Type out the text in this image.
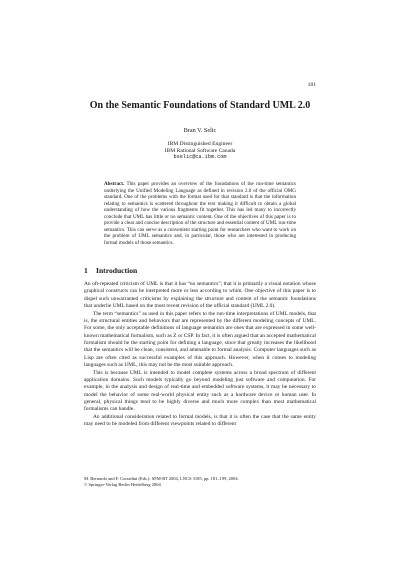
181
On the Semantic Foundations of Standard UML 2.0
Bran V. Selic
IBM Distinguished Engineer
IBM Rational Software Canada
bselic@ca.ibm.com
Abstract. This paper provides an overview of the foundations of the run-time semantics underlying the Unified Modeling Language as defined in revision 2.0 of the official OMG standard. One of the problems with the format used for that standard is that the information relating to semantics is scattered throughout the text making it difficult to obtain a global understanding of how the various fragments fit together. This has led many to incorrectly conclude that UML has little or no semantic content. One of the objectives of this paper is to provide a clear and concise description of the structure and essential content of UML run-time semantics. This can serve as a convenient starting point for researchers who want to work on the problem of UML semantics and, in particular, those who are interested in producing formal models of those semantics.
1 Introduction

An oft-repeated criticism of UML is that it has “no semantics”; that it is primarily a visual notation whose graphical constructs can be interpreted more or less according to whim. One objective of this paper is to dispel such unwarranted criticisms by explaining the structure and content of the semantic foundations that underlie UML based on the most recent revision of the official standard (UML 2.0).

The term “semantics” as used in this paper refers to the run-time interpretations of UML models, that is, the structural entities and behaviors that are represented by the different modeling concepts of UML. For some, the only acceptable definitions of language semantics are ones that are expressed in some well-known mathematical formalism, such as Z or CSP. In fact, it is often argued that an accepted mathematical formalism should be the starting point for defining a language, since that greatly increases the likelihood that the semantics will be clean, consistent, and amenable to formal analysis. Computer languages such as Lisp are often cited as successful examples of this approach. However, when it comes to modeling languages such as UML, this may not be the most suitable approach.

This is because UML is intended to model complete systems across a broad spectrum of different application domains. Such models typically go beyond modeling just software and computation. For example, in the analysis and design of real-time and embedded software systems, it may be necessary to model the behavior of some real-world physical entity such as a hardware device or human user. In general, physical things tend to be highly diverse and much more complex than most mathematical formalisms can handle.

An additional consideration related to formal models, is that it is often the case that the same entity may need to be modeled from different viewpoints related to different

M. Bernardo and F. Corradini (Eds.): SFM-RT 2004, LNCS 3185, pp. 181–199, 2004.
© Springer-Verlag Berlin Heidelberg 2004
